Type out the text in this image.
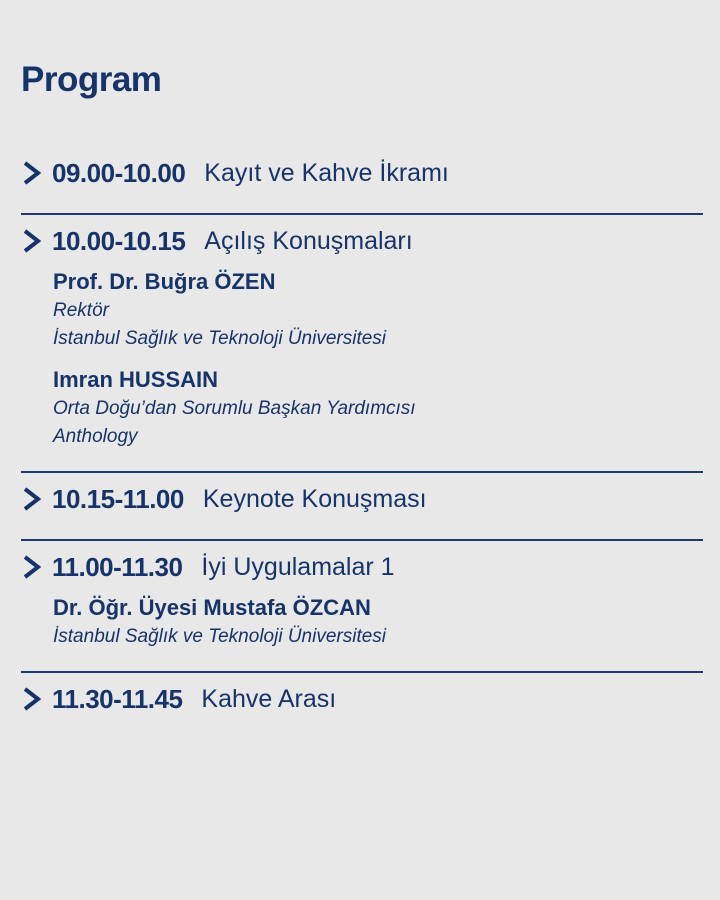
Program
09.00-10.00 Kayıt ve Kahve İkramı
10.00-10.15 Açılış Konuşmaları
Prof. Dr. Buğra ÖZEN
Rektör
İstanbul Sağlık ve Teknoloji Üniversitesi
Imran HUSSAIN
Orta Doğu’dan Sorumlu Başkan Yardımcısı
Anthology
10.15-11.00 Keynote Konuşması
11.00-11.30 İyi Uygulamalar 1
Dr. Öğr. Üyesi Mustafa ÖZCAN
İstanbul Sağlık ve Teknoloji Üniversitesi
11.30-11.45 Kahve Arası
